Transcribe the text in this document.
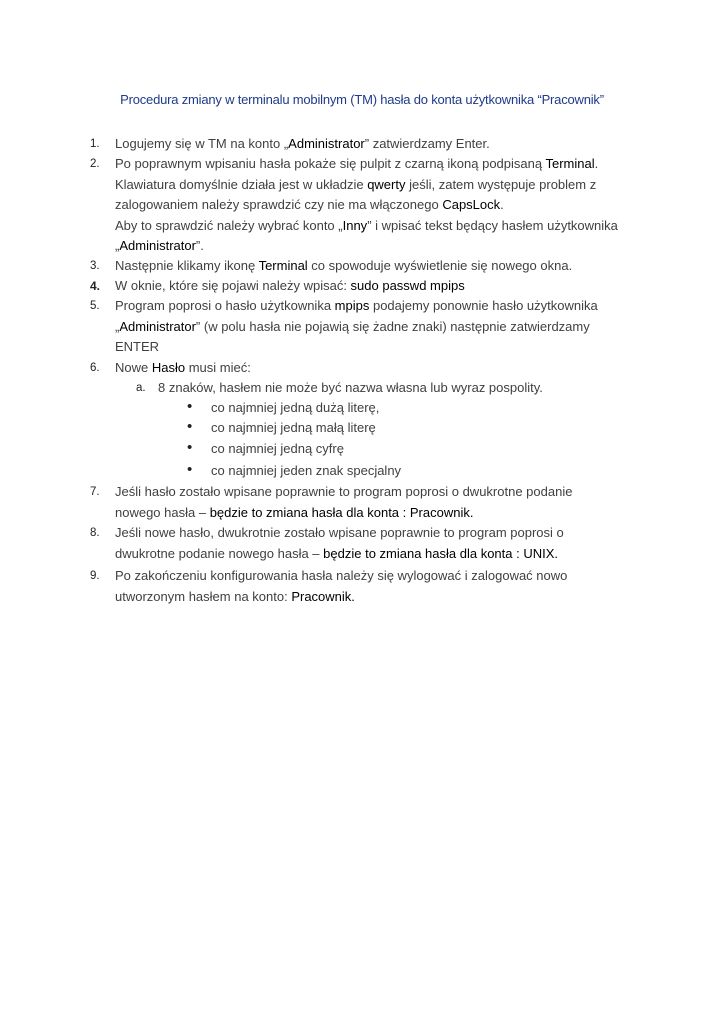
Procedura zmiany w terminalu mobilnym (TM) hasła do konta użytkownika “Pracownik”
1. Logujemy się w TM na konto „Administrator” zatwierdzamy Enter.
2. Po poprawnym wpisaniu hasła pokaże się pulpit z czarną ikoną podpisaną Terminal.
Klawiatura domyślnie działa jest w układzie qwerty jeśli, zatem występuje problem z
zalogowaniem należy sprawdzić czy nie ma włączonego CapsLock.
Aby to sprawdzić należy wybrać konto „Inny” i wpisać tekst będący hasłem użytkownika
„Administrator”.
3. Następnie klikamy ikonę Terminal co spowoduje wyświetlenie się nowego okna.
4. W oknie, które się pojawi należy wpisać: sudo passwd mpips
5. Program poprosi o hasło użytkownika mpips podajemy ponownie hasło użytkownika
„Administrator” (w polu hasła nie pojawią się żadne znaki) następnie zatwierdzamy
ENTER
6. Nowe Hasło musi mieć:
a. 8 znaków, hasłem nie może być nazwa własna lub wyraz pospolity.
• co najmniej jedną dużą literę,
• co najmniej jedną małą literę
• co najmniej jedną cyfrę
• co najmniej jeden znak specjalny
7. Jeśli hasło zostało wpisane poprawnie to program poprosi o dwukrotne podanie
nowego hasła – będzie to zmiana hasła dla konta : Pracownik.
8. Jeśli nowe hasło, dwukrotnie zostało wpisane poprawnie to program poprosi o
dwukrotne podanie nowego hasła – będzie to zmiana hasła dla konta : UNIX.
9. Po zakończeniu konfigurowania hasła należy się wylogować i zalogować nowo
utworzonym hasłem na konto: Pracownik.
